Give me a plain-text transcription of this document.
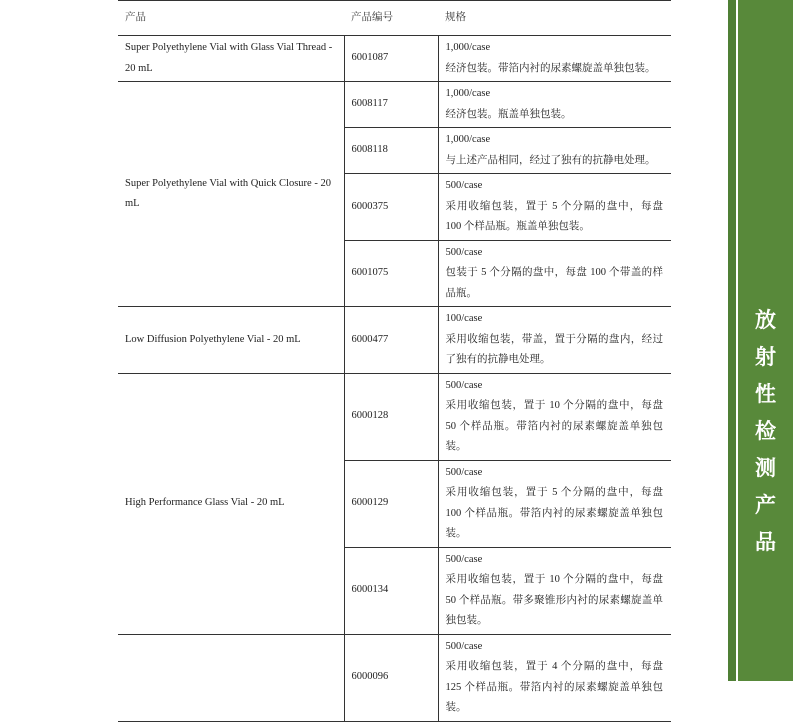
产品	产品编号	规格
Super Polyethylene Vial with Glass Vial Thread - 20 mL	6001087	1,000/case
经济包装。带箔内衬的尿素螺旋盖单独包装。

Super Polyethylene Vial with Quick Closure - 20 mL	6008117	1,000/case
经济包装。瓶盖单独包装。

	6008118	1,000/case
与上述产品相同，经过了独有的抗静电处理。

	6000375	500/case
采用收缩包装，置于 5 个分隔的盘中，每盘 100 个样品瓶。瓶盖单独包装。

	6001075	500/case
包装于 5 个分隔的盘中，每盘 100 个带盖的样品瓶。

Low Diffusion Polyethylene Vial - 20 mL	6000477	100/case
采用收缩包装，带盖，置于分隔的盘内，经过了独有的抗静电处理。

High Performance Glass Vial - 20 mL	6000128	500/case
采用收缩包装，置于 10 个分隔的盘中，每盘 50 个样品瓶。带箔内衬的尿素螺旋盖单独包装。

	6000129	500/case
采用收缩包装，置于 5 个分隔的盘中，每盘 100 个样品瓶。带箔内衬的尿素螺旋盖单独包装。

	6000134	500/case
采用收缩包装，置于 10 个分隔的盘中，每盘 50 个样品瓶。带多聚锥形内衬的尿素螺旋盖单独包装。

	6000096	500/case
采用收缩包装，置于 4 个分隔的盘中，每盘 125 个样品瓶。带箔内衬的尿素螺旋盖单独包装。
放
射
性
检
测
产
品
